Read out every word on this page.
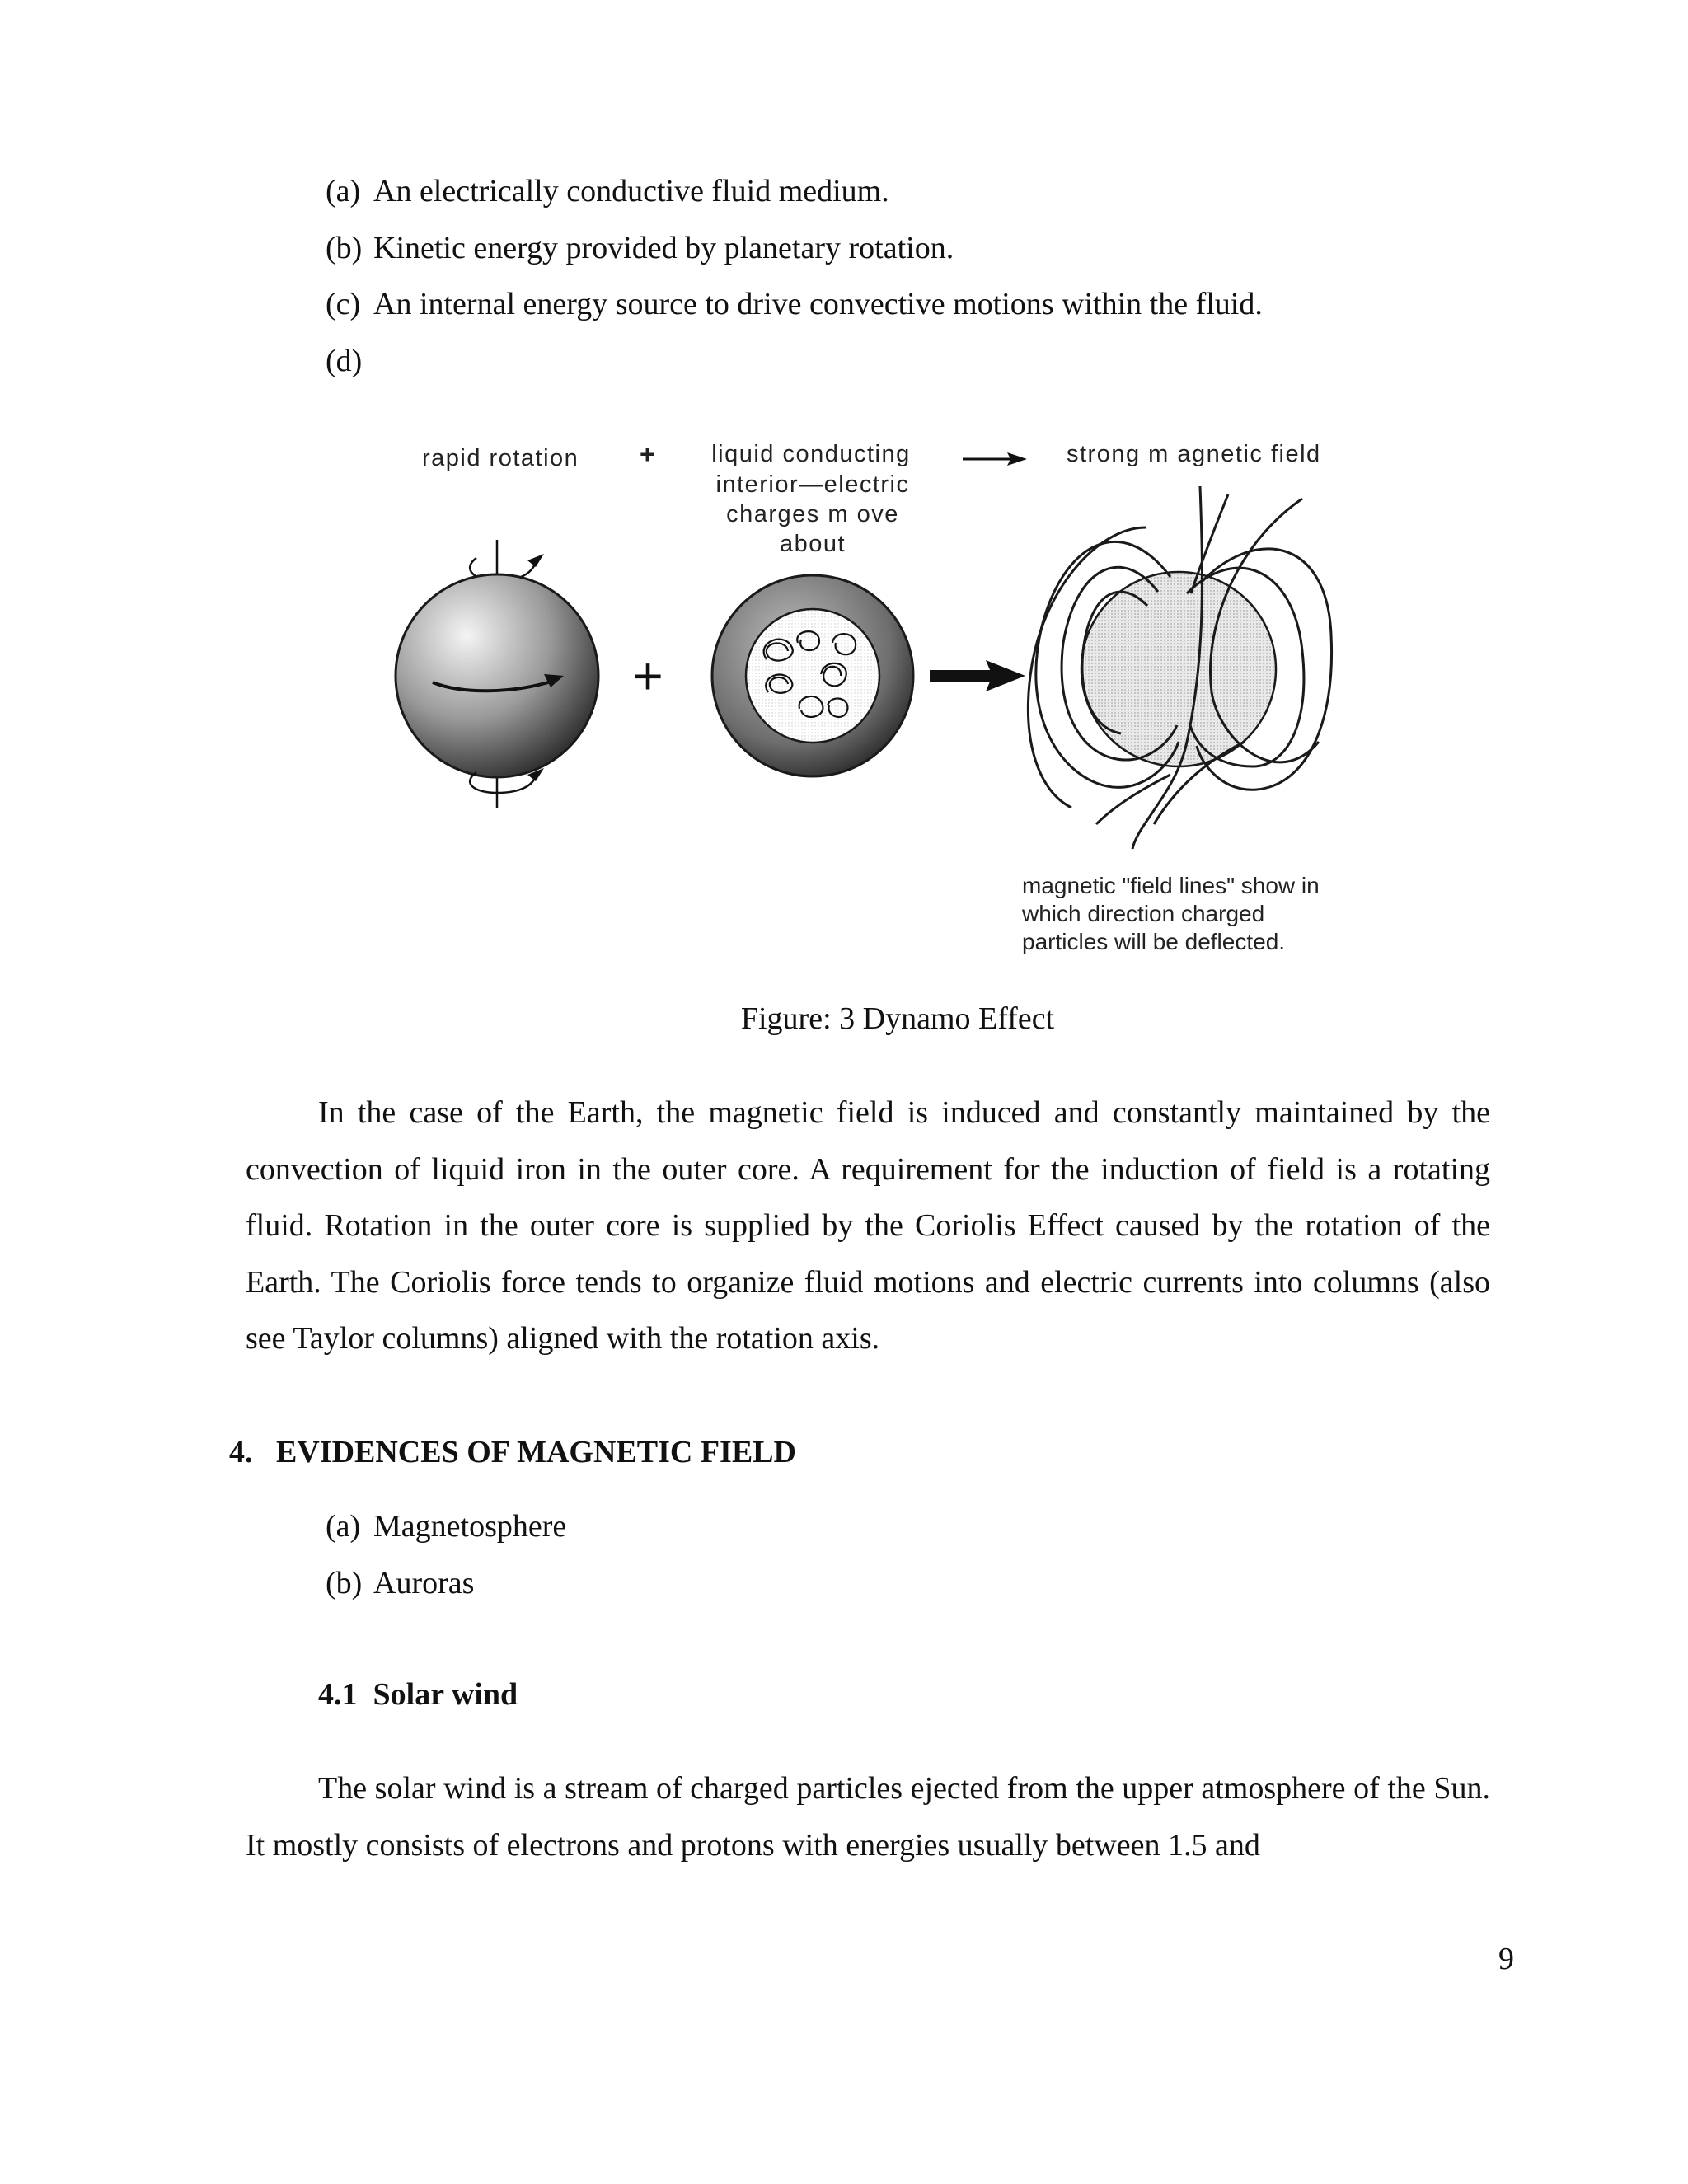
(a) An electrically conductive fluid medium.
(b) Kinetic energy provided by planetary rotation.
(c) An internal energy source to drive convective motions within the fluid.
(d)
rapid rotation + liquid conducting
interior—electric
charges m ove
about
strong m agnetic field
+
magnetic "field lines" show in
which direction charged
particles will be deflected.
Figure: 3 Dynamo Effect
In the case of the Earth, the magnetic field is induced and constantly maintained by the convection of liquid iron in the outer core. A requirement for the induction of field is a rotating fluid. Rotation in the outer core is supplied by the Coriolis Effect caused by the rotation of the Earth. The Coriolis force tends to organize fluid motions and electric currents into columns (also see Taylor columns) aligned with the rotation axis.
4.   EVIDENCES OF MAGNETIC FIELD
(a) Magnetosphere
(b) Auroras
4.1  Solar wind
The solar wind is a stream of charged particles ejected from the upper atmosphere of the Sun. It mostly consists of electrons and protons with energies usually between 1.5 and
9
